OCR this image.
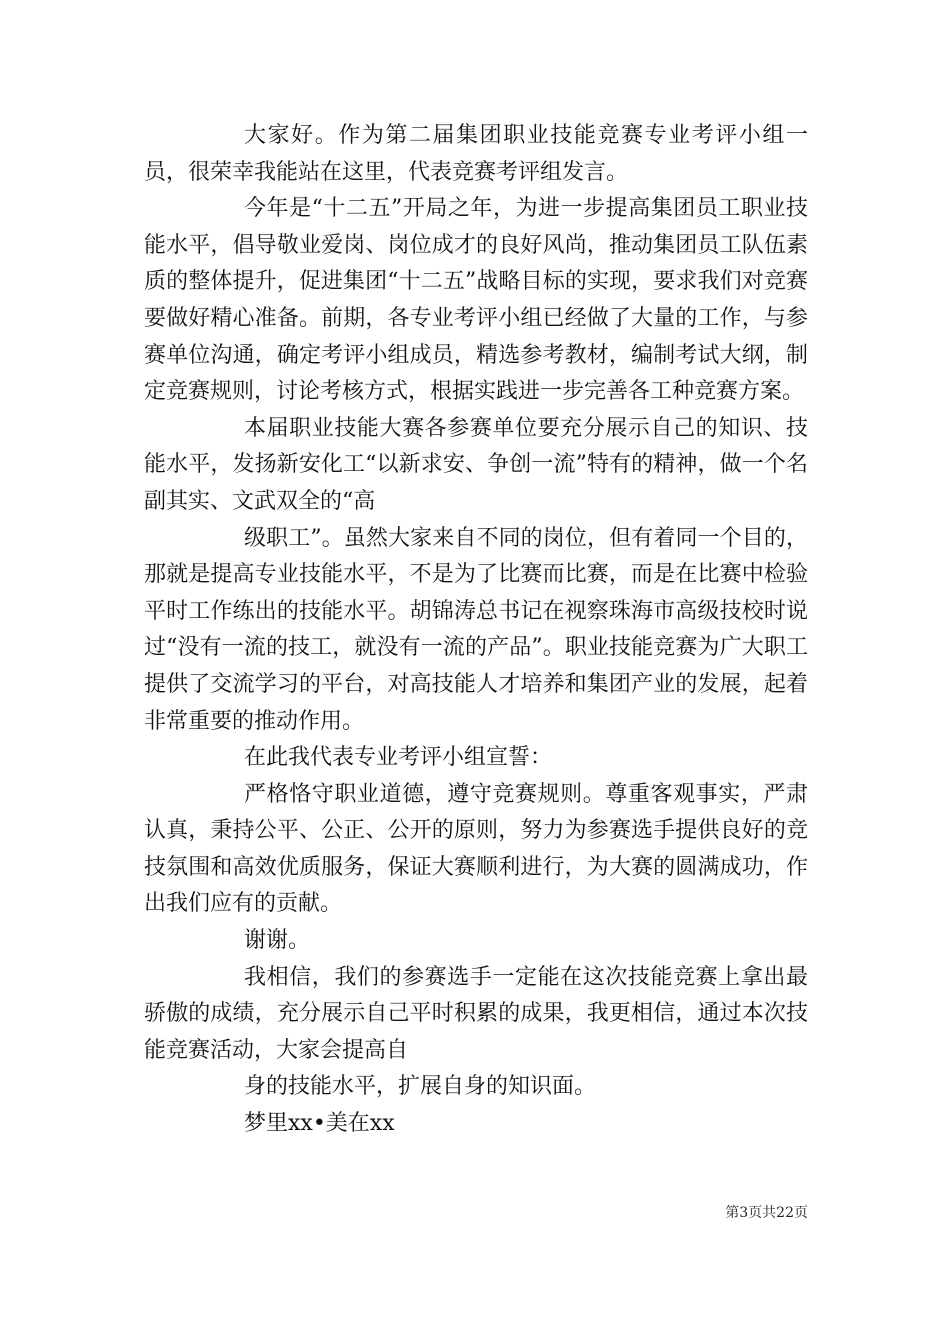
大家好。作为第二届集团职业技能竞赛专业考评小组一员，很荣幸我能站在这里，代表竞赛考评组发言。

今年是“十二五”开局之年，为进一步提高集团员工职业技能水平，倡导敬业爱岗、岗位成才的良好风尚，推动集团员工队伍素质的整体提升，促进集团“十二五”战略目标的实现，要求我们对竞赛要做好精心准备。前期，各专业考评小组已经做了大量的工作，与参赛单位沟通，确定考评小组成员，精选参考教材，编制考试大纲，制定竞赛规则，讨论考核方式，根据实践进一步完善各工种竞赛方案。

本届职业技能大赛各参赛单位要充分展示自己的知识、技能水平，发扬新安化工“以新求安、争创一流”特有的精神，做一个名副其实、文武双全的“高

级职工”。虽然大家来自不同的岗位，但有着同一个目的，那就是提高专业技能水平，不是为了比赛而比赛，而是在比赛中检验平时工作练出的技能水平。胡锦涛总书记在视察珠海市高级技校时说过“没有一流的技工，就没有一流的产品”。职业技能竞赛为广大职工提供了交流学习的平台，对高技能人才培养和集团产业的发展，起着非常重要的推动作用。

在此我代表专业考评小组宣誓：

严格恪守职业道德，遵守竞赛规则。尊重客观事实，严肃认真，秉持公平、公正、公开的原则，努力为参赛选手提供良好的竞技氛围和高效优质服务，保证大赛顺利进行，为大赛的圆满成功，作出我们应有的贡献。

谢谢。

我相信，我们的参赛选手一定能在这次技能竞赛上拿出最骄傲的成绩，充分展示自己平时积累的成果，我更相信，通过本次技能竞赛活动，大家会提高自

身的技能水平，扩展自身的知识面。

梦里xx•美在xx

第3页共22页
